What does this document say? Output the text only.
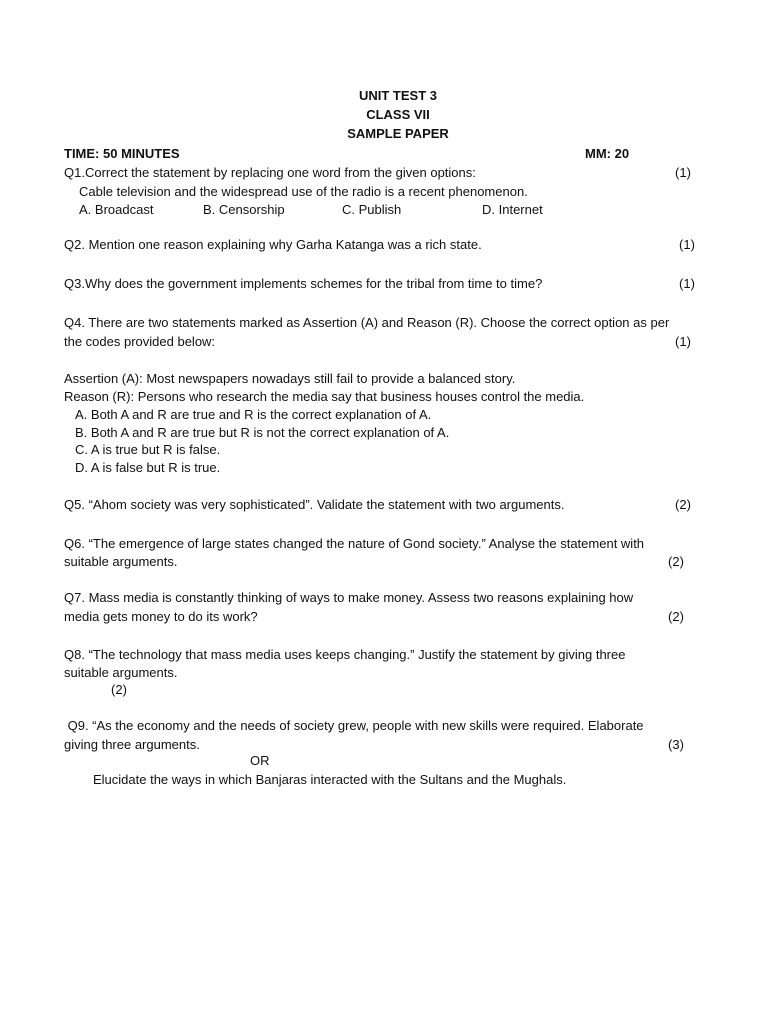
UNIT TEST 3
CLASS VII
SAMPLE PAPER
TIME: 50 MINUTES	MM: 20
Q1.Correct the statement by replacing one word from the given options:	(1)
Cable television and the widespread use of the radio is a recent phenomenon.
A. Broadcast	B. Censorship	C. Publish	D. Internet
Q2. Mention one reason explaining why Garha Katanga was a rich state.	(1)
Q3.Why does the government implements schemes for the tribal from time to time?	(1)
Q4. There are two statements marked as Assertion (A) and Reason (R). Choose the correct option as per
the codes provided below:	(1)
Assertion (A): Most newspapers nowadays still fail to provide a balanced story.
Reason (R): Persons who research the media say that business houses control the media.
A. Both A and R are true and R is the correct explanation of A.
B. Both A and R are true but R is not the correct explanation of A.
C. A is true but R is false.
D. A is false but R is true.
Q5. “Ahom society was very sophisticated”. Validate the statement with two arguments.	(2)
Q6. “The emergence of large states changed the nature of Gond society.” Analyse the statement with
suitable arguments.	(2)
Q7. Mass media is constantly thinking of ways to make money. Assess two reasons explaining how
media gets money to do its work?	(2)
Q8. “The technology that mass media uses keeps changing.” Justify the statement by giving three
suitable arguments.
(2)
Q9. “As the economy and the needs of society grew, people with new skills were required. Elaborate
giving three arguments.	(3)
OR
Elucidate the ways in which Banjaras interacted with the Sultans and the Mughals.
